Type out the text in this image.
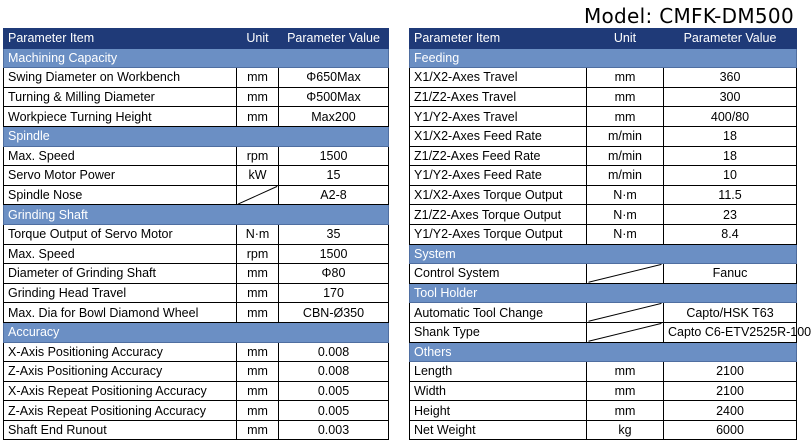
Model: CMFK-DM500
Parameter Item	Unit	Parameter Value
Machining Capacity		
Swing Diameter on Workbench	mm	Φ650Max
Turning & Milling Diameter	mm	Φ500Max
Workpiece Turning Height	mm	Max200
Spindle		
Max. Speed	rpm	1500
Servo Motor Power	kW	15
Spindle Nose		A2-8
Grinding Shaft		
Torque Output of Servo Motor	N·m	35
Max. Speed	rpm	1500
Diameter of Grinding Shaft	mm	Φ80
Grinding Head Travel	mm	170
Max. Dia for Bowl Diamond Wheel	mm	CBN-Ø350
Accuracy		
X-Axis Positioning Accuracy	mm	0.008
Z-Axis Positioning Accuracy	mm	0.008
X-Axis Repeat Positioning Accuracy	mm	0.005
Z-Axis Repeat Positioning Accuracy	mm	0.005
Shaft End Runout	mm	0.003
Parameter Item	Unit	Parameter Value
Feeding		
X1/X2-Axes Travel	mm	360
Z1/Z2-Axes Travel	mm	300
Y1/Y2-Axes Travel	mm	400/80
X1/X2-Axes Feed Rate	m/min	18
Z1/Z2-Axes Feed Rate	m/min	18
Y1/Y2-Axes Feed Rate	m/min	10
X1/X2-Axes Torque Output	N·m	11.5
Z1/Z2-Axes Torque Output	N·m	23
Y1/Y2-Axes Torque Output	N·m	8.4
System		
Control System		Fanuc
Tool Holder		
Automatic Tool Change		Capto/HSK T63
Shank Type		Capto C6-ETV2525R-100
Others		
Length	mm	2100
Width	mm	2100
Height	mm	2400
Net Weight	kg	6000
